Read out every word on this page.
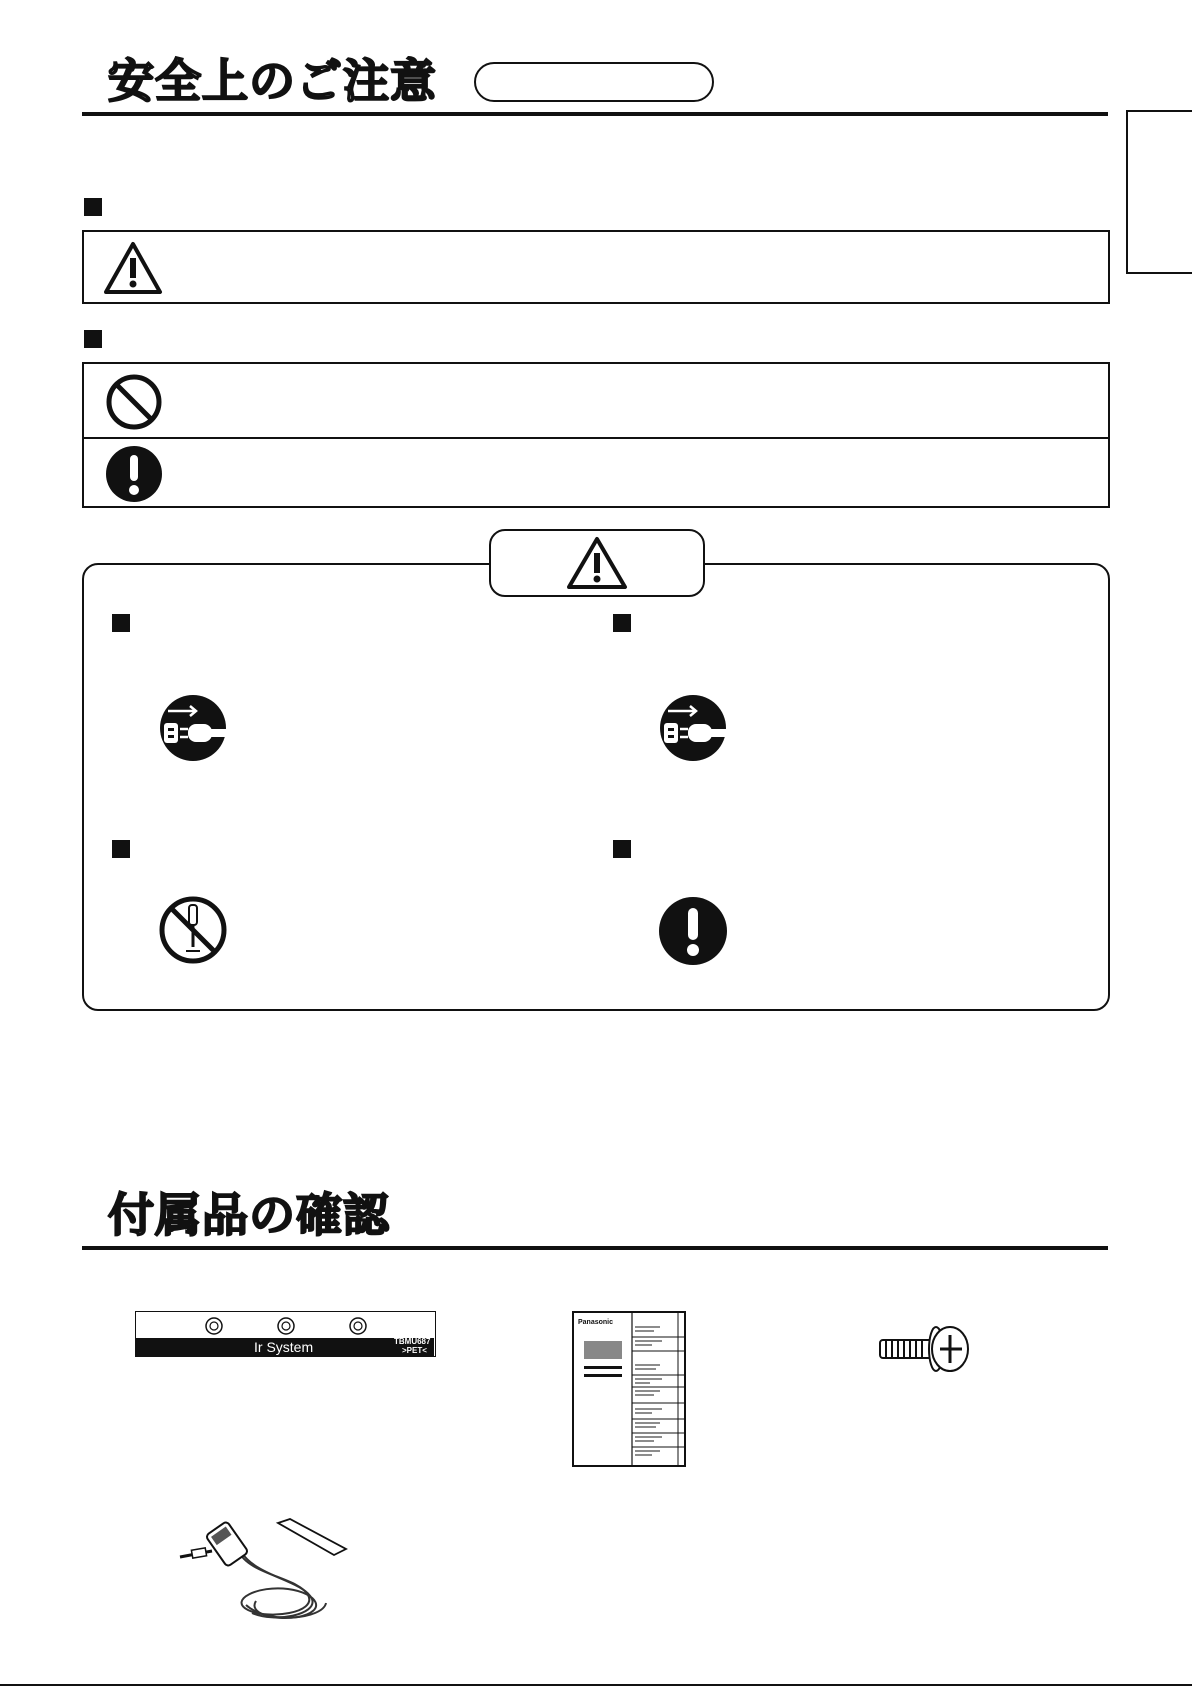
安全上のご注意
付属品の確認
Ir System	TBMU687
>PET<
Panasonic
